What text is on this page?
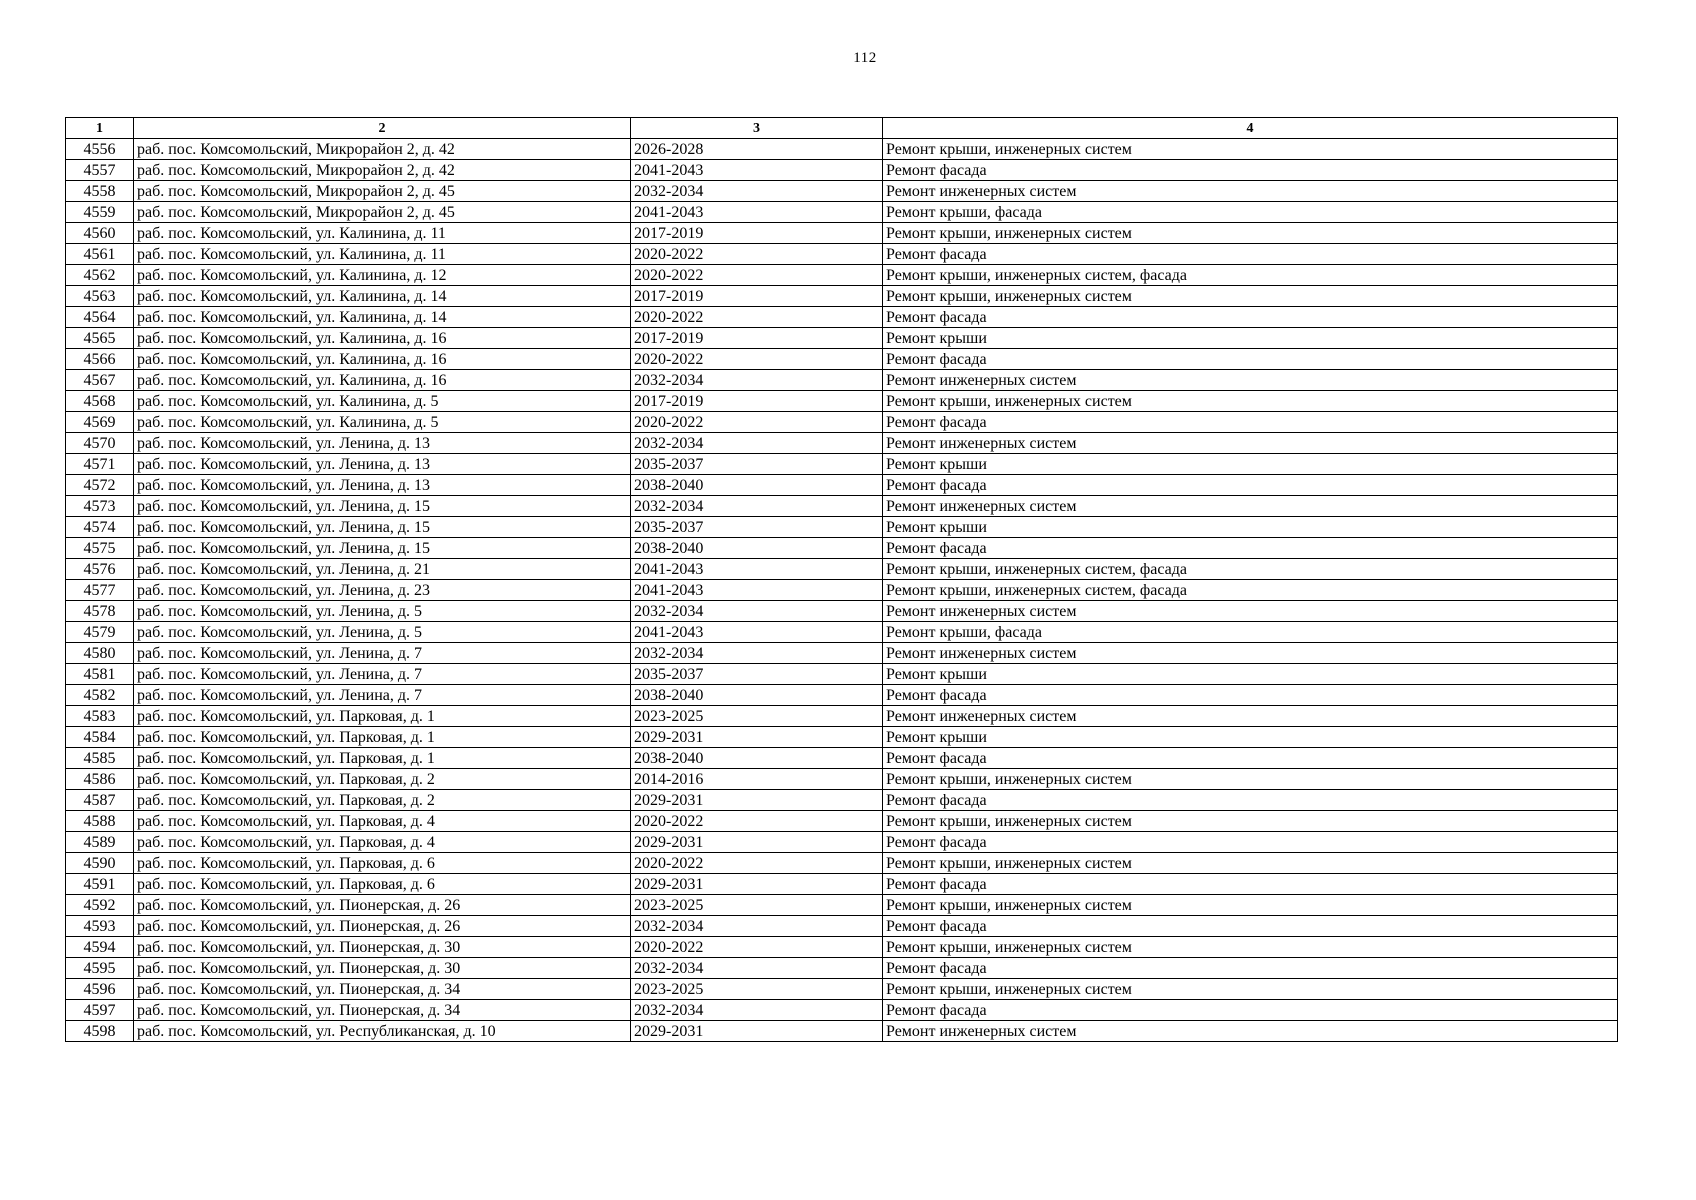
112
1	2	3	4
4556	раб. пос. Комсомольский, Микрорайон 2, д. 42	2026-2028	Ремонт крыши, инженерных систем
4557	раб. пос. Комсомольский, Микрорайон 2, д. 42	2041-2043	Ремонт фасада
4558	раб. пос. Комсомольский, Микрорайон 2, д. 45	2032-2034	Ремонт инженерных систем
4559	раб. пос. Комсомольский, Микрорайон 2, д. 45	2041-2043	Ремонт крыши, фасада
4560	раб. пос. Комсомольский, ул. Калинина, д. 11	2017-2019	Ремонт крыши, инженерных систем
4561	раб. пос. Комсомольский, ул. Калинина, д. 11	2020-2022	Ремонт фасада
4562	раб. пос. Комсомольский, ул. Калинина, д. 12	2020-2022	Ремонт крыши, инженерных систем, фасада
4563	раб. пос. Комсомольский, ул. Калинина, д. 14	2017-2019	Ремонт крыши, инженерных систем
4564	раб. пос. Комсомольский, ул. Калинина, д. 14	2020-2022	Ремонт фасада
4565	раб. пос. Комсомольский, ул. Калинина, д. 16	2017-2019	Ремонт крыши
4566	раб. пос. Комсомольский, ул. Калинина, д. 16	2020-2022	Ремонт фасада
4567	раб. пос. Комсомольский, ул. Калинина, д. 16	2032-2034	Ремонт инженерных систем
4568	раб. пос. Комсомольский, ул. Калинина, д. 5	2017-2019	Ремонт крыши, инженерных систем
4569	раб. пос. Комсомольский, ул. Калинина, д. 5	2020-2022	Ремонт фасада
4570	раб. пос. Комсомольский, ул. Ленина, д. 13	2032-2034	Ремонт инженерных систем
4571	раб. пос. Комсомольский, ул. Ленина, д. 13	2035-2037	Ремонт крыши
4572	раб. пос. Комсомольский, ул. Ленина, д. 13	2038-2040	Ремонт фасада
4573	раб. пос. Комсомольский, ул. Ленина, д. 15	2032-2034	Ремонт инженерных систем
4574	раб. пос. Комсомольский, ул. Ленина, д. 15	2035-2037	Ремонт крыши
4575	раб. пос. Комсомольский, ул. Ленина, д. 15	2038-2040	Ремонт фасада
4576	раб. пос. Комсомольский, ул. Ленина, д. 21	2041-2043	Ремонт крыши, инженерных систем, фасада
4577	раб. пос. Комсомольский, ул. Ленина, д. 23	2041-2043	Ремонт крыши, инженерных систем, фасада
4578	раб. пос. Комсомольский, ул. Ленина, д. 5	2032-2034	Ремонт инженерных систем
4579	раб. пос. Комсомольский, ул. Ленина, д. 5	2041-2043	Ремонт крыши, фасада
4580	раб. пос. Комсомольский, ул. Ленина, д. 7	2032-2034	Ремонт инженерных систем
4581	раб. пос. Комсомольский, ул. Ленина, д. 7	2035-2037	Ремонт крыши
4582	раб. пос. Комсомольский, ул. Ленина, д. 7	2038-2040	Ремонт фасада
4583	раб. пос. Комсомольский, ул. Парковая, д. 1	2023-2025	Ремонт инженерных систем
4584	раб. пос. Комсомольский, ул. Парковая, д. 1	2029-2031	Ремонт крыши
4585	раб. пос. Комсомольский, ул. Парковая, д. 1	2038-2040	Ремонт фасада
4586	раб. пос. Комсомольский, ул. Парковая, д. 2	2014-2016	Ремонт крыши, инженерных систем
4587	раб. пос. Комсомольский, ул. Парковая, д. 2	2029-2031	Ремонт фасада
4588	раб. пос. Комсомольский, ул. Парковая, д. 4	2020-2022	Ремонт крыши, инженерных систем
4589	раб. пос. Комсомольский, ул. Парковая, д. 4	2029-2031	Ремонт фасада
4590	раб. пос. Комсомольский, ул. Парковая, д. 6	2020-2022	Ремонт крыши, инженерных систем
4591	раб. пос. Комсомольский, ул. Парковая, д. 6	2029-2031	Ремонт фасада
4592	раб. пос. Комсомольский, ул. Пионерская, д. 26	2023-2025	Ремонт крыши, инженерных систем
4593	раб. пос. Комсомольский, ул. Пионерская, д. 26	2032-2034	Ремонт фасада
4594	раб. пос. Комсомольский, ул. Пионерская, д. 30	2020-2022	Ремонт крыши, инженерных систем
4595	раб. пос. Комсомольский, ул. Пионерская, д. 30	2032-2034	Ремонт фасада
4596	раб. пос. Комсомольский, ул. Пионерская, д. 34	2023-2025	Ремонт крыши, инженерных систем
4597	раб. пос. Комсомольский, ул. Пионерская, д. 34	2032-2034	Ремонт фасада
4598	раб. пос. Комсомольский, ул. Республиканская, д. 10	2029-2031	Ремонт инженерных систем
